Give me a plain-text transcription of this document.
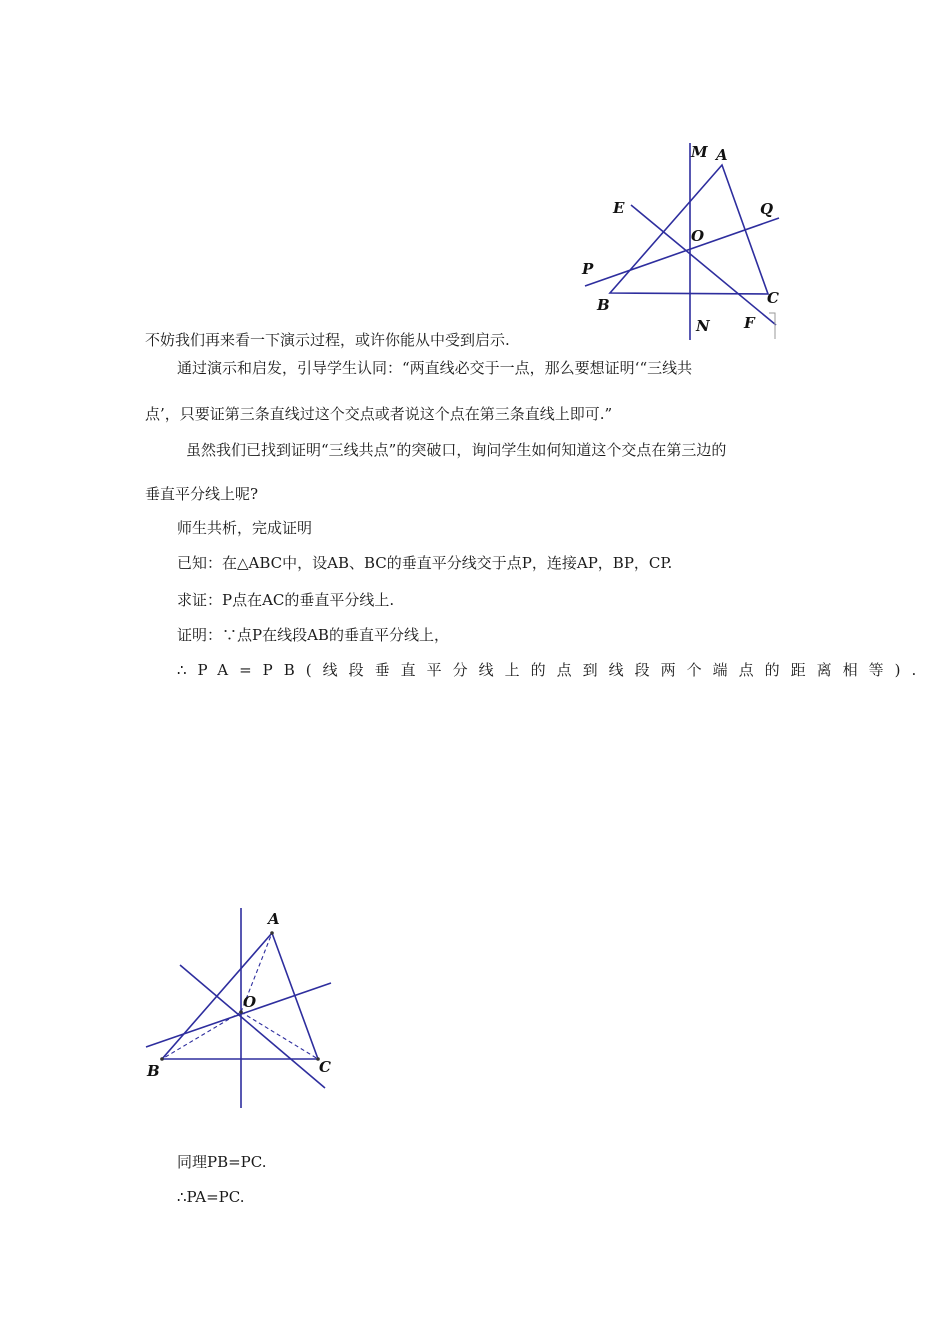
M A
E	Q
O
P
B	C
N F
不妨我们再来看一下演示过程，或许你能从中受到启示.
通过演示和启发，引导学生认同：“两直线必交于一点，那么要想证明‘“三线共
点’，只要证第三条直线过这个交点或者说这个点在第三条直线上即可.”
虽然我们已找到证明“三线共点”的突破口，询问学生如何知道这个交点在第三边的
垂直平分线上呢?
师生共析，完成证明
已知：在△ABC中，设AB、BC的垂直平分线交于点P，连接AP，BP，CP.
求证：P点在AC的垂直平分线上.
证明：∵点P在线段AB的垂直平分线上，
∴PA=PB(线段垂直平分线上的点到线段两个端点的距离相等).
A
O
B	C
同理PB=PC.
∴PA=PC.
